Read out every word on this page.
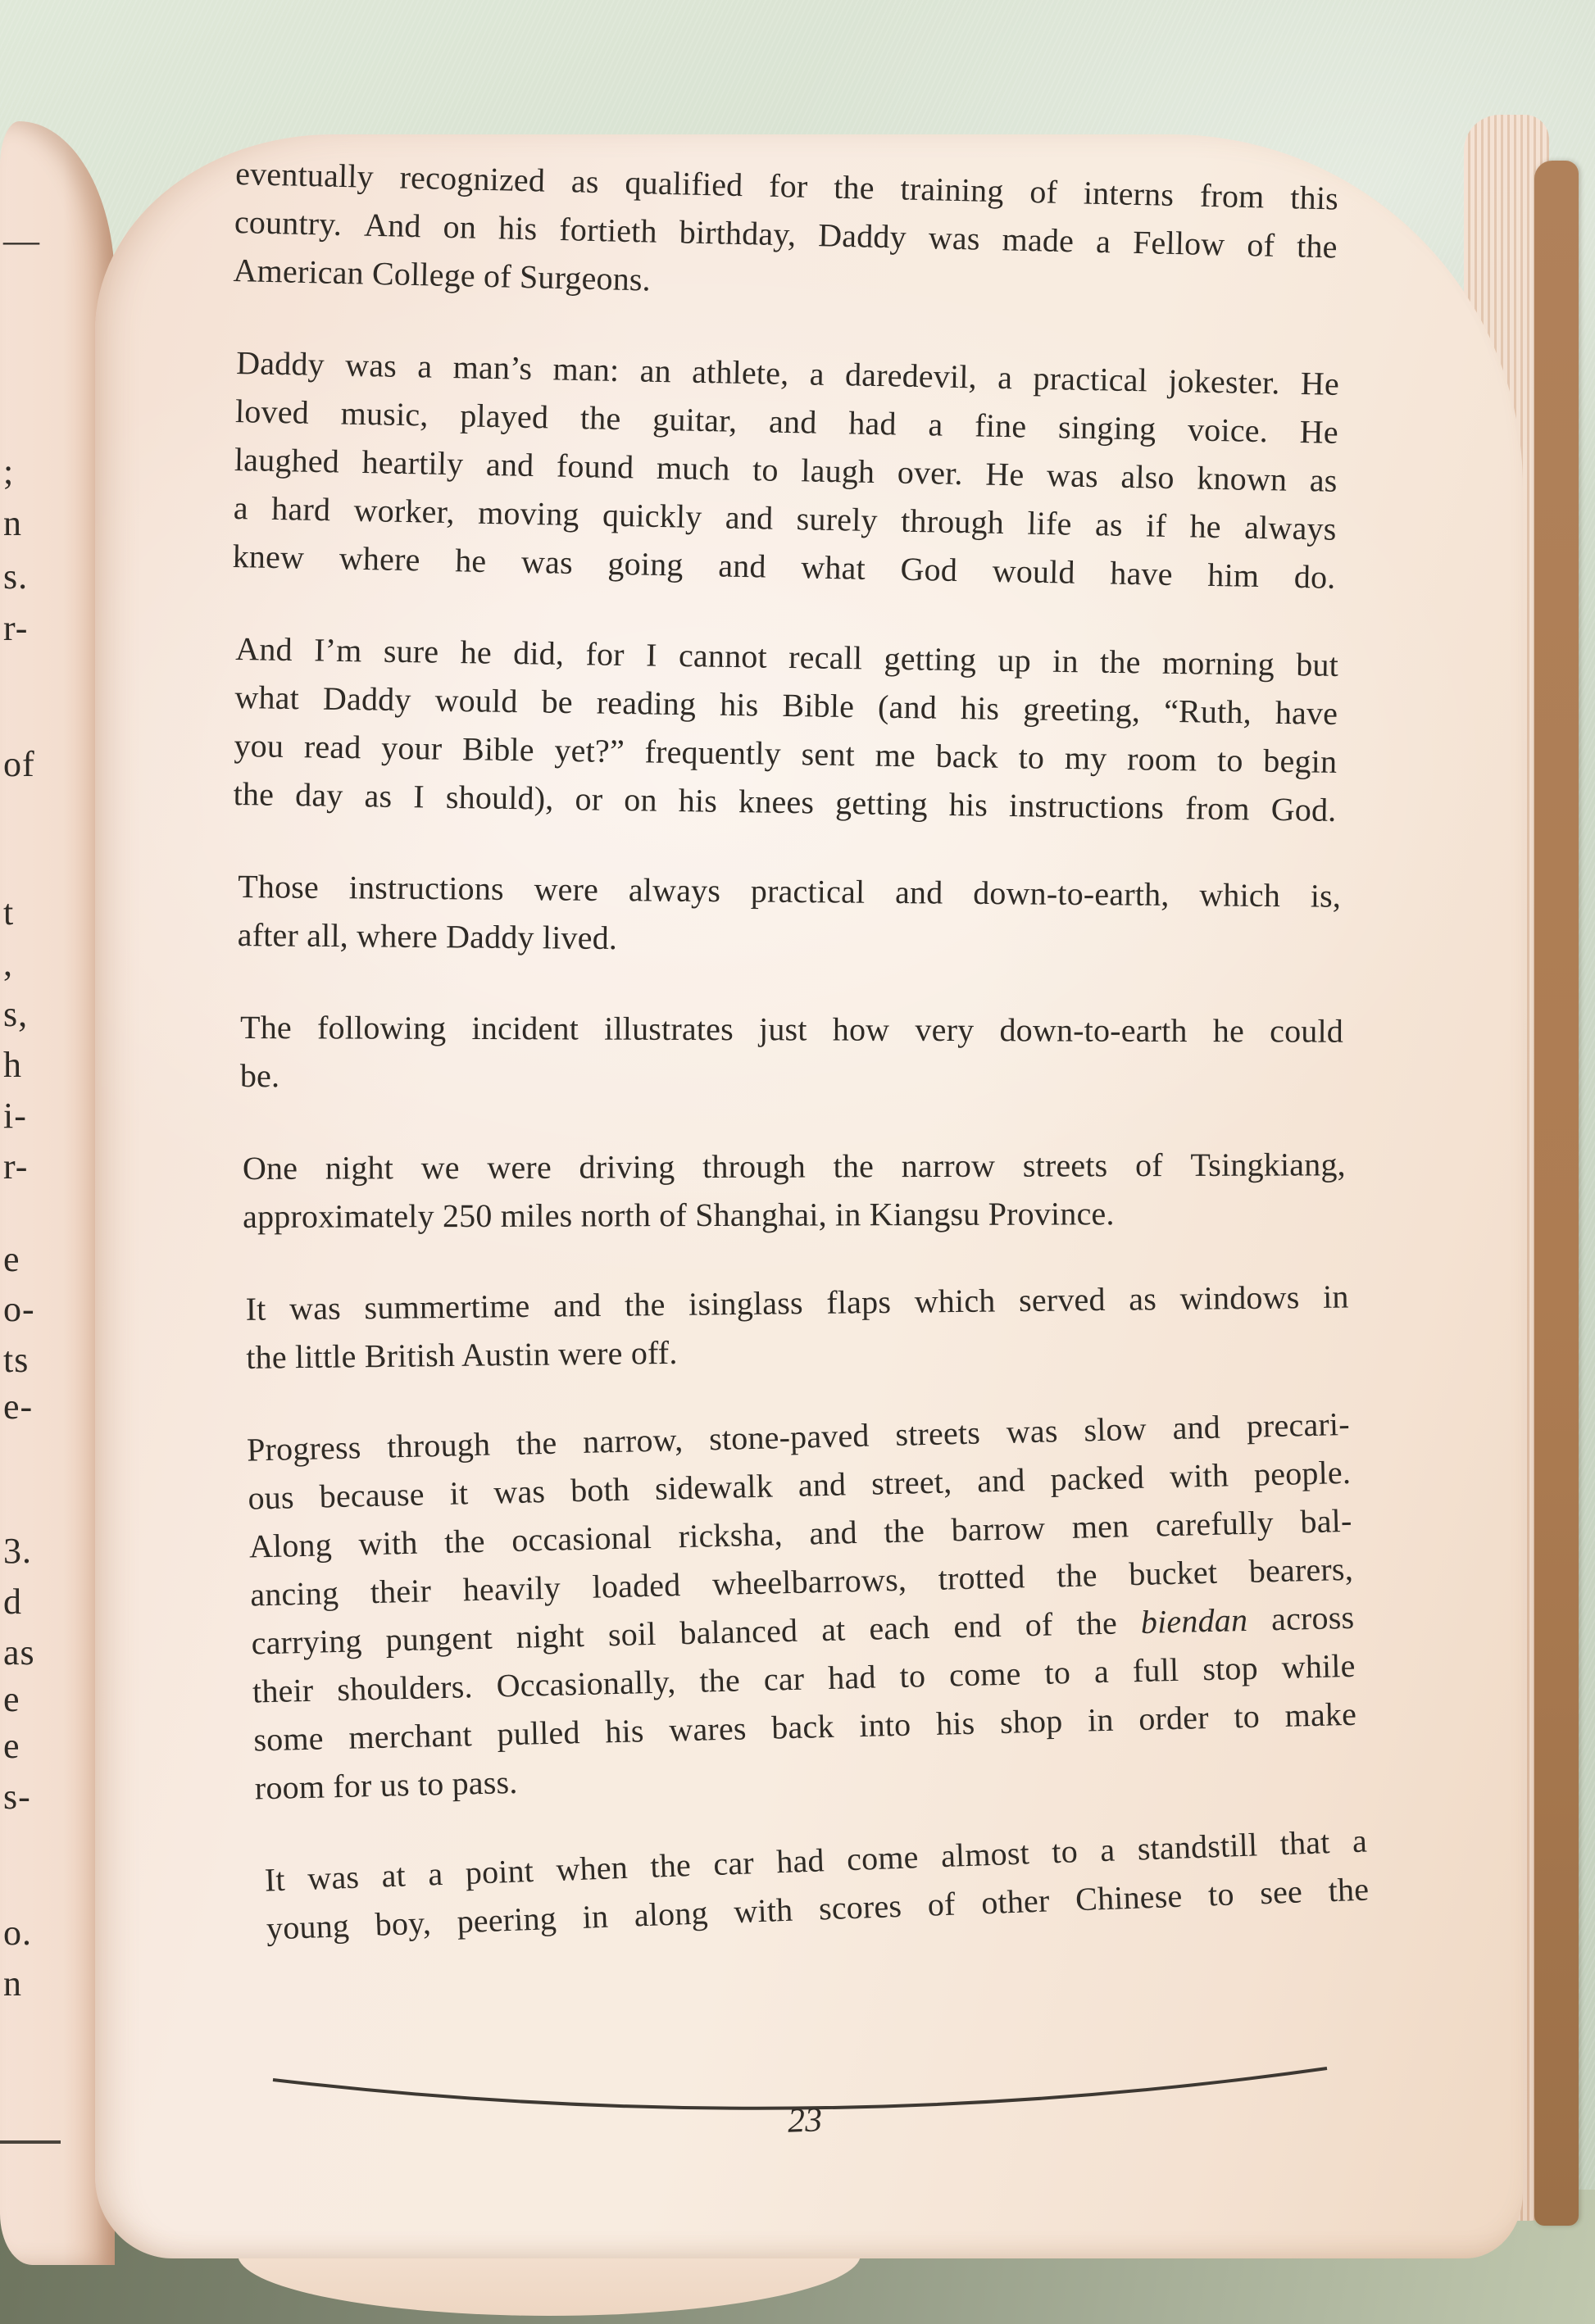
—
;
n
s.
r-
of
t
,
s,
h
i-
r-
e
o-
ts
e-
3.
d
as
e
e
s-
o.
n
eventually recognized as qualified for the training of interns from this
country. And on his fortieth birthday, Daddy was made a Fellow of the
American College of Surgeons.
Daddy was a man’s man: an athlete, a daredevil, a practical jokester. He
loved music, played the guitar, and had a fine singing voice. He
laughed heartily and found much to laugh over. He was also known as
a hard worker, moving quickly and surely through life as if he always
knew where he was going and what God would have him do.
And I’m sure he did, for I cannot recall getting up in the morning but
what Daddy would be reading his Bible (and his greeting, “Ruth, have
you read your Bible yet?” frequently sent me back to my room to begin
the day as I should), or on his knees getting his instructions from God.
Those instructions were always practical and down-to-earth, which is,
after all, where Daddy lived.
The following incident illustrates just how very down-to-earth he could
be.
One night we were driving through the narrow streets of Tsingkiang,
approximately 250 miles north of Shanghai, in Kiangsu Province.
It was summertime and the isinglass flaps which served as windows in
the little British Austin were off.
Progress through the narrow, stone-paved streets was slow and precari-
ous because it was both sidewalk and street, and packed with people.
Along with the occasional ricksha, and the barrow men carefully bal-
ancing their heavily loaded wheelbarrows, trotted the bucket bearers,
carrying pungent night soil balanced at each end of the biendan across
their shoulders. Occasionally, the car had to come to a full stop while
some merchant pulled his wares back into his shop in order to make
room for us to pass.
It was at a point when the car had come almost to a standstill that a
young boy, peering in along with scores of other Chinese to see the
23
